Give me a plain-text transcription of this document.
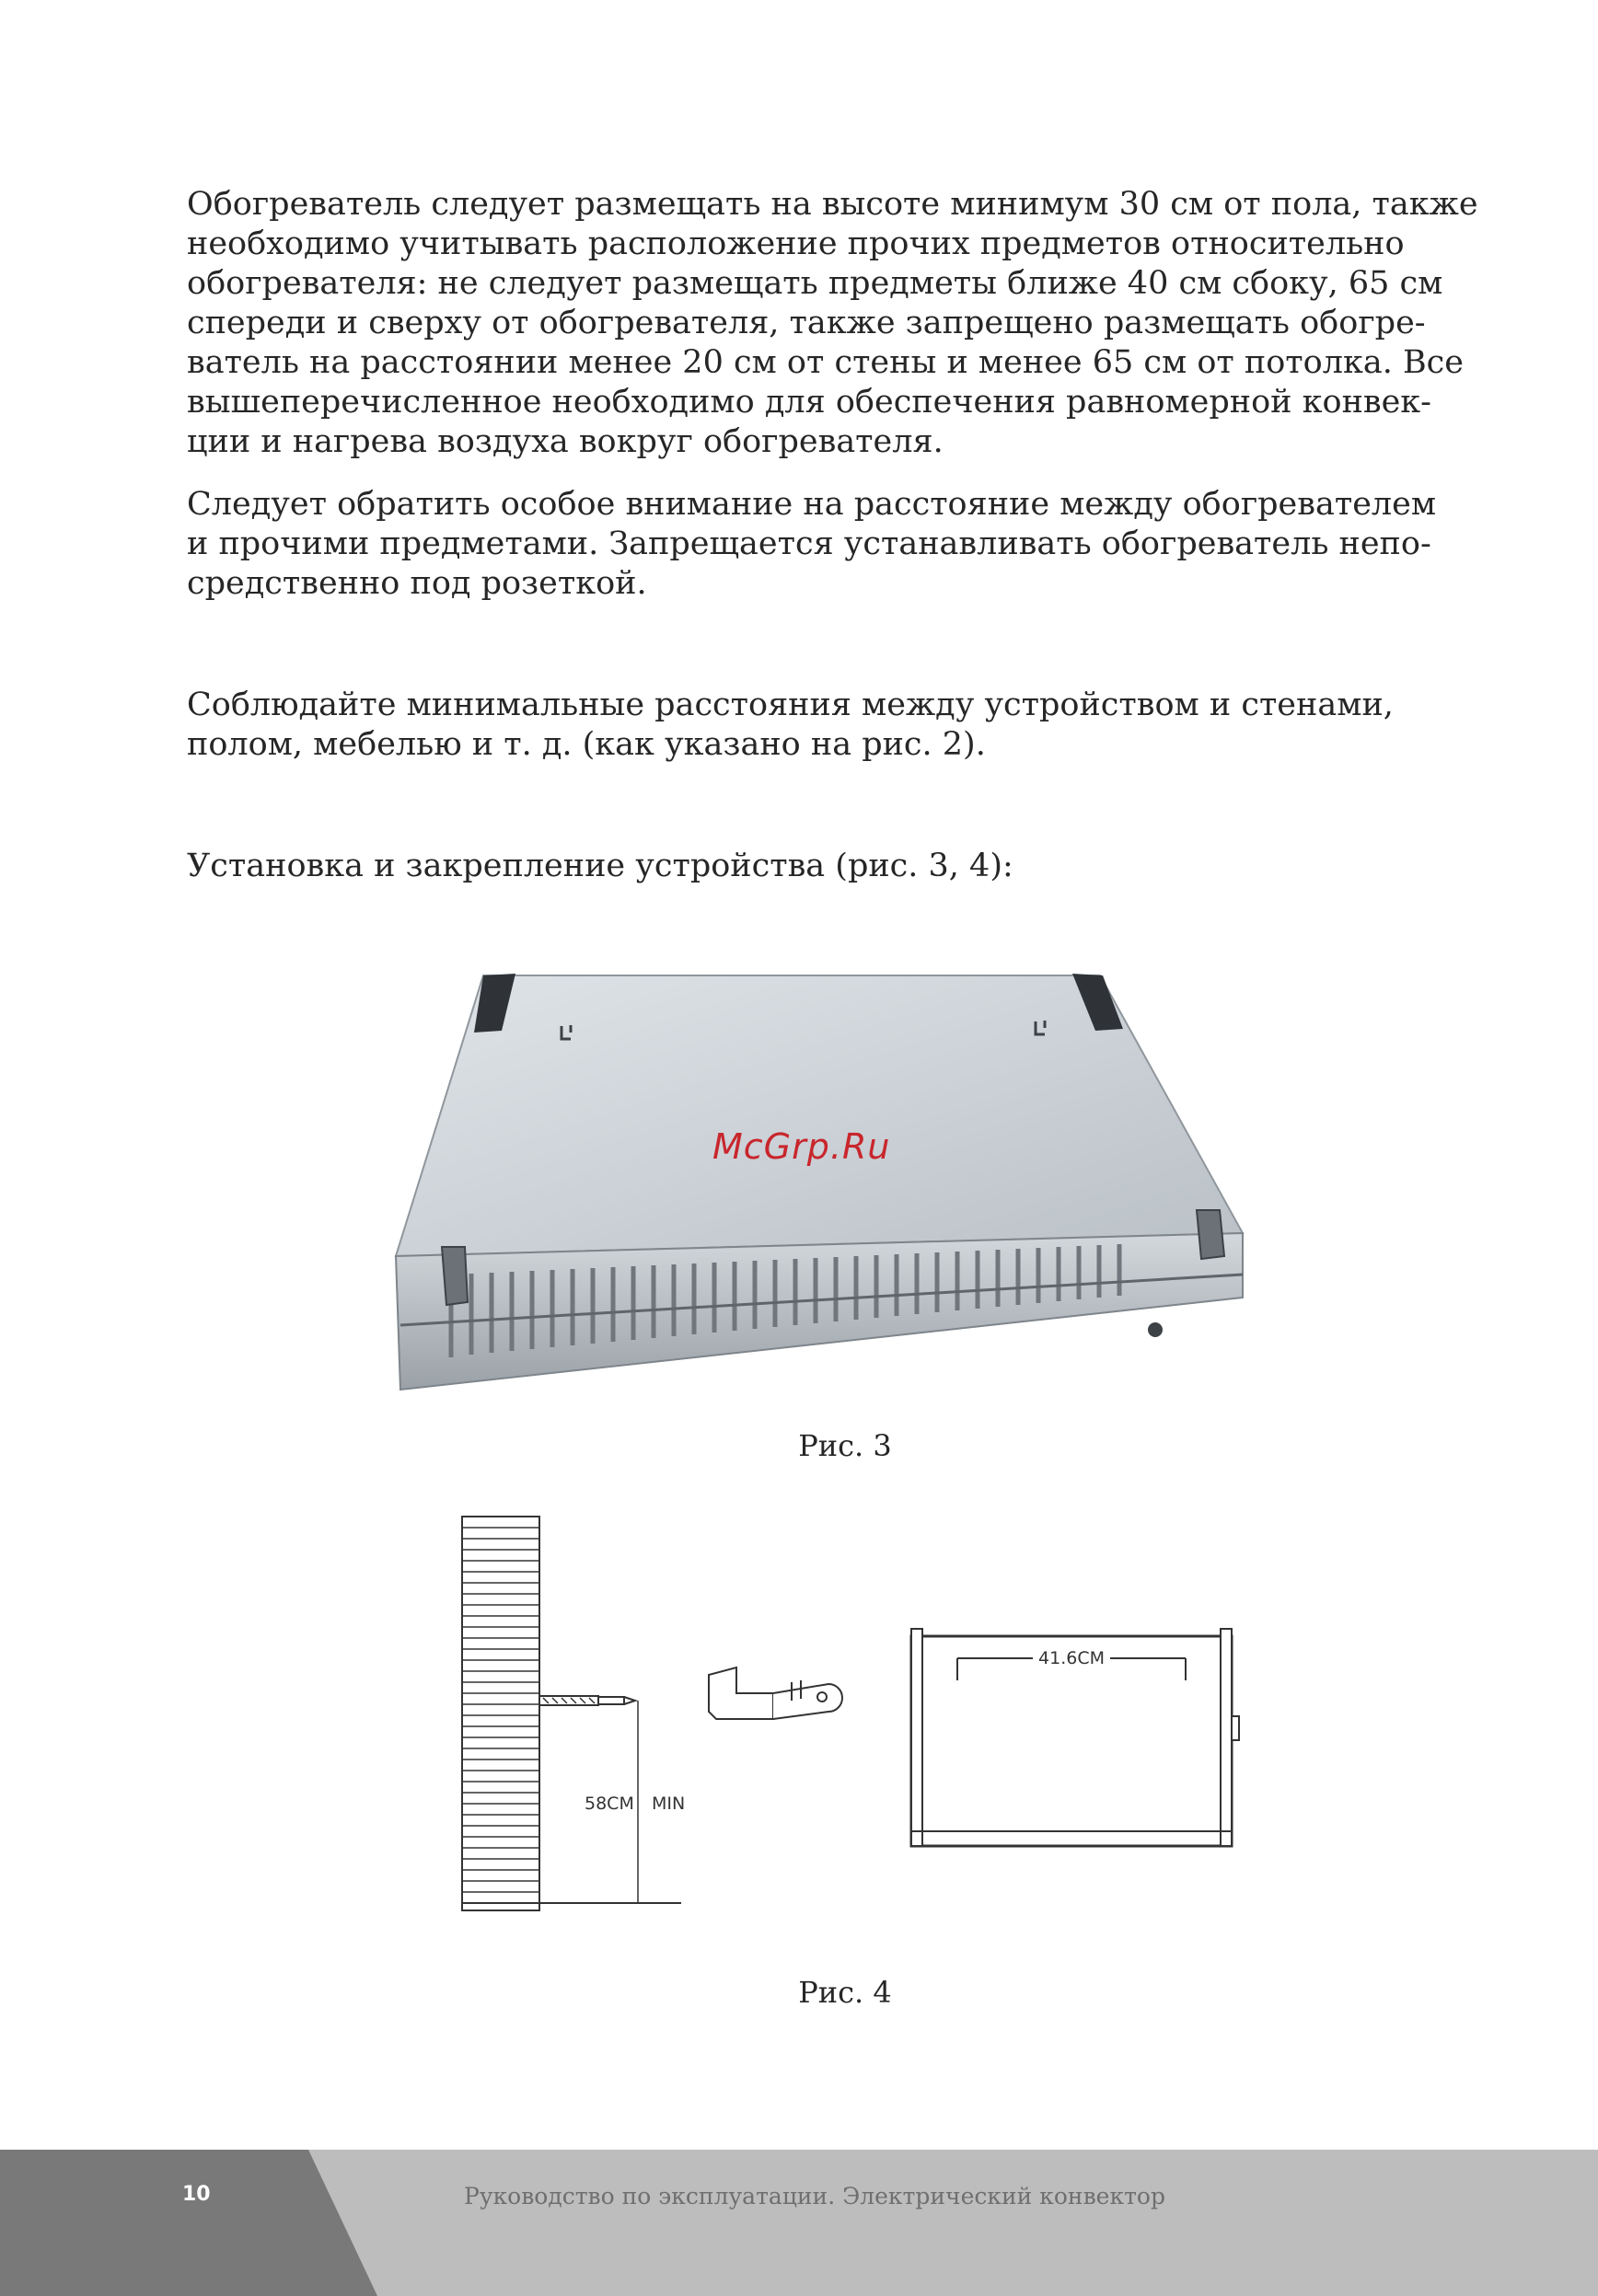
Обогреватель следует размещать на высоте минимум 30 см от пола, также
необходимо учитывать расположение прочих предметов относительно
обогревателя: не следует размещать предметы ближе 40 см сбоку, 65 см
спереди и сверху от обогревателя, также запрещено размещать обогре-
ватель на расстоянии менее 20 см от стены и менее 65 см от потолка. Все
вышеперечисленное необходимо для обеспечения равномерной конвек-
ции и нагрева воздуха вокруг обогревателя.
Следует обратить особое внимание на расстояние между обогревателем
и прочими предметами. Запрещается устанавливать обогреватель непо-
средственно под розеткой.
Соблюдайте минимальные расстояния между устройством и стенами,
полом, мебелью и т. д. (как указано на рис. 2).
Установка и закрепление устройства (рис. 3, 4):
McGrp.Ru
Рис. 3
58CM MIN
41.6CM
Рис. 4
10	Руководство по эксплуатации. Электрический конвектор
